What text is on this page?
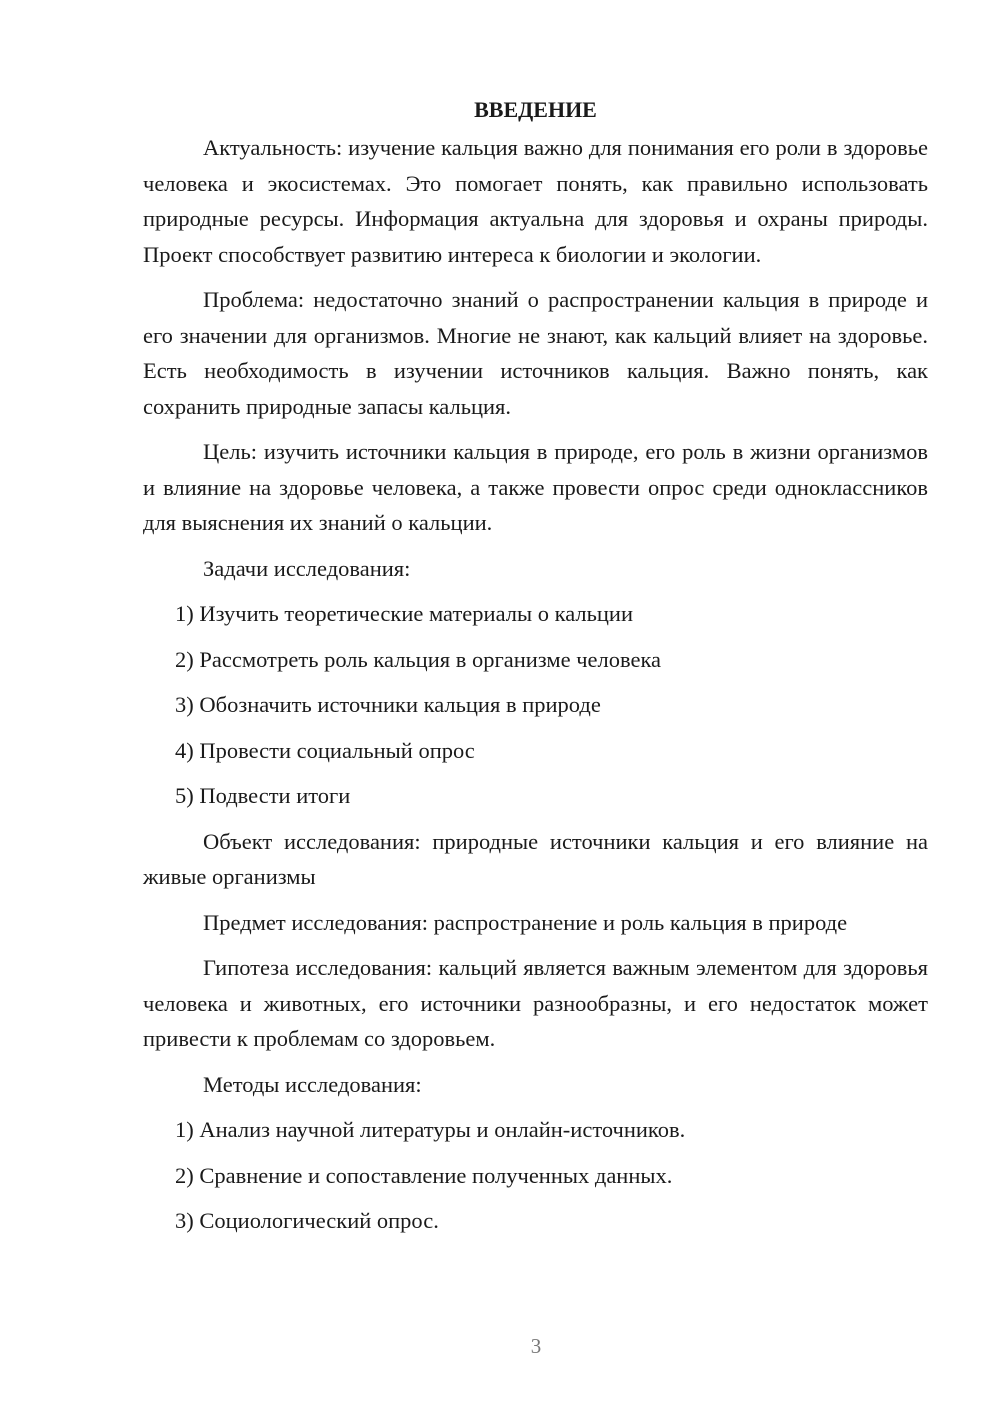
ВВЕДЕНИЕ

Актуальность: изучение кальция важно для понимания его роли в здоровье человека и экосистемах. Это помогает понять, как правильно использовать природные ресурсы. Информация актуальна для здоровья и охраны природы. Проект способствует развитию интереса к биологии и экологии.

Проблема: недостаточно знаний о распространении кальция в природе и его значении для организмов. Многие не знают, как кальций влияет на здоровье. Есть необходимость в изучении источников кальция. Важно понять, как сохранить природные запасы кальция.

Цель: изучить источники кальция в природе, его роль в жизни организмов и влияние на здоровье человека, а также провести опрос среди одноклассников для выяснения их знаний о кальции.

Задачи исследования:
1) Изучить теоретические материалы о кальции
2) Рассмотреть роль кальция в организме человека
3) Обозначить источники кальция в природе
4) Провести социальный опрос
5) Подвести итоги

Объект исследования: природные источники кальция и его влияние на живые организмы

Предмет исследования: распространение и роль кальция в природе

Гипотеза исследования: кальций является важным элементом для здоровья человека и животных, его источники разнообразны, и его недостаток может привести к проблемам со здоровьем.

Методы исследования:
1) Анализ научной литературы и онлайн-источников.
2) Сравнение и сопоставление полученных данных.
3) Социологический опрос.
3
